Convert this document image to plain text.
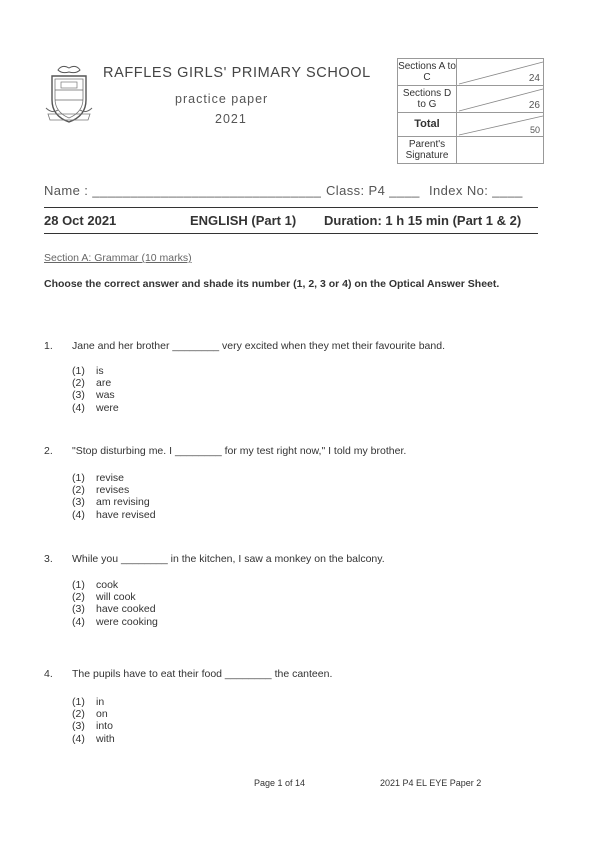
RAFFLES GIRLS' PRIMARY SCHOOL
practice paper
2021
Sections A to C	24
Sections D to G	26
Total	50
Parent's Signature	
Name : ______________________________ Class: P4 ____ Index No: ____
28 Oct 2021	ENGLISH (Part 1) Duration: 1 h 15 min (Part 1 & 2)
Section A: Grammar (10 marks)
Choose the correct answer and shade its number (1, 2, 3 or 4) on the Optical Answer Sheet.
1. Jane and her brother ________ very excited when they met their favourite band.
(1) is
(2) are
(3) was
(4) were
2. "Stop disturbing me. I ________ for my test right now," I told my brother.
(1) revise
(2) revises
(3) am revising
(4) have revised
3. While you ________ in the kitchen, I saw a monkey on the balcony.
(1) cook
(2) will cook
(3) have cooked
(4) were cooking
4. The pupils have to eat their food ________ the canteen.
(1) in
(2) on
(3) into
(4) with
Page 1 of 14	2021 P4 EL EYE Paper 2
